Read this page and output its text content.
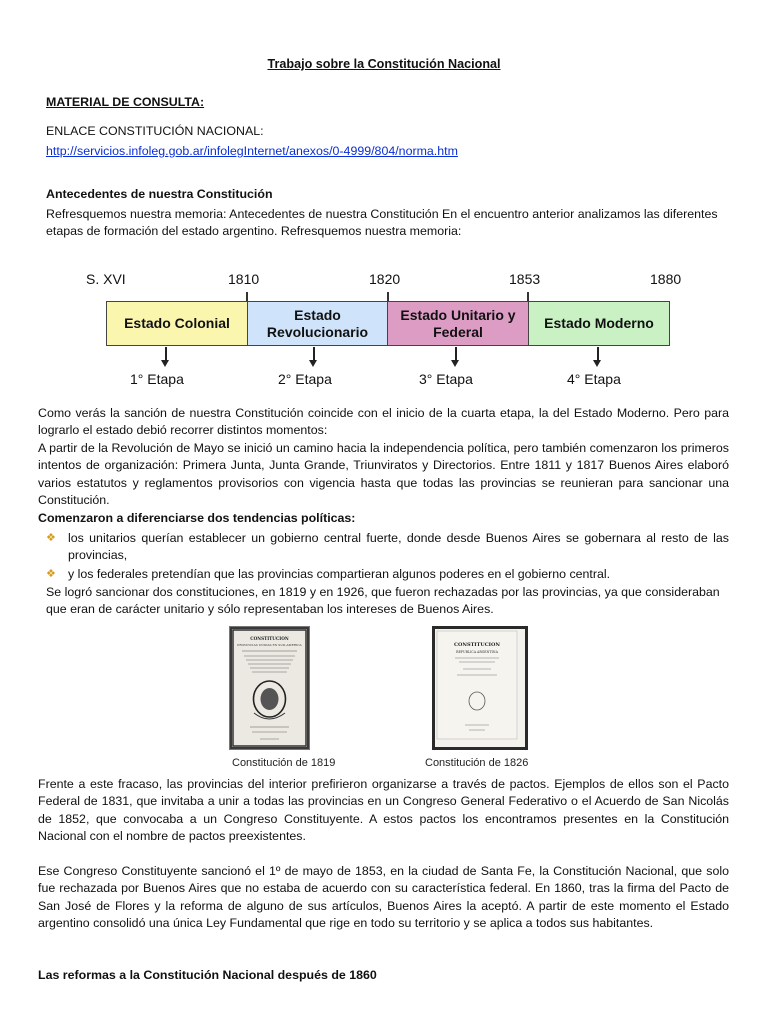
Trabajo sobre la Constitución Nacional
MATERIAL DE CONSULTA:
ENLACE CONSTITUCIÓN NACIONAL:
http://servicios.infoleg.gob.ar/infolegInternet/anexos/0-4999/804/norma.htm
Antecedentes de nuestra Constitución
Refresquemos nuestra memoria: Antecedentes de nuestra Constitución En el encuentro anterior analizamos las diferentes etapas de formación del estado argentino. Refresquemos nuestra memoria:
S. XVI	1810	1820	1853	1880
Estado Colonial
Estado Revolucionario
Estado Unitario y Federal
Estado Moderno
1° Etapa	2° Etapa	3° Etapa	4° Etapa
Como verás la sanción de nuestra Constitución coincide con el inicio de la cuarta etapa, la del Estado Moderno. Pero para lograrlo el estado debió recorrer distintos momentos:
A partir de la Revolución de Mayo se inició un camino hacia la independencia política, pero también comenzaron los primeros intentos de organización: Primera Junta, Junta Grande, Triunviratos y Directorios. Entre 1811 y 1817 Buenos Aires elaboró varios estatutos y reglamentos provisorios con vigencia hasta que todas las provincias se reunieran para sancionar una Constitución.
Comenzaron a diferenciarse dos tendencias políticas:
❖ los unitarios querían establecer un gobierno central fuerte, donde desde Buenos Aires se gobernara al resto de las provincias,
❖ y los federales pretendían que las provincias compartieran algunos poderes en el gobierno central.
Se logró sancionar dos constituciones, en 1819 y en 1926, que fueron rechazadas por las provincias, ya que consideraban que eran de carácter unitario y sólo representaban los intereses de Buenos Aires.
CONSTITUCION
PROVINCIAS UNIDAS EN SUD-AMERICA	CONSTITUCION
REPUBLICA ARGENTINA
Constitución de 1819	Constitución de 1826
Frente a este fracaso, las provincias del interior prefirieron organizarse a través de pactos. Ejemplos de ellos son el Pacto Federal de 1831, que invitaba a unir a todas las provincias en un Congreso General Federativo o el Acuerdo de San Nicolás de 1852, que convocaba a un Congreso Constituyente. A estos pactos los encontramos presentes en la Constitución Nacional con el nombre de pactos preexistentes.
Ese Congreso Constituyente sancionó el 1º de mayo de 1853, en la ciudad de Santa Fe, la Constitución Nacional, que solo fue rechazada por Buenos Aires que no estaba de acuerdo con su característica federal. En 1860, tras la firma del Pacto de San José de Flores y la reforma de alguno de sus artículos, Buenos Aires la aceptó. A partir de este momento el Estado argentino consolidó una única Ley Fundamental que rige en todo su territorio y se aplica a todos sus habitantes.
Las reformas a la Constitución Nacional después de 1860
